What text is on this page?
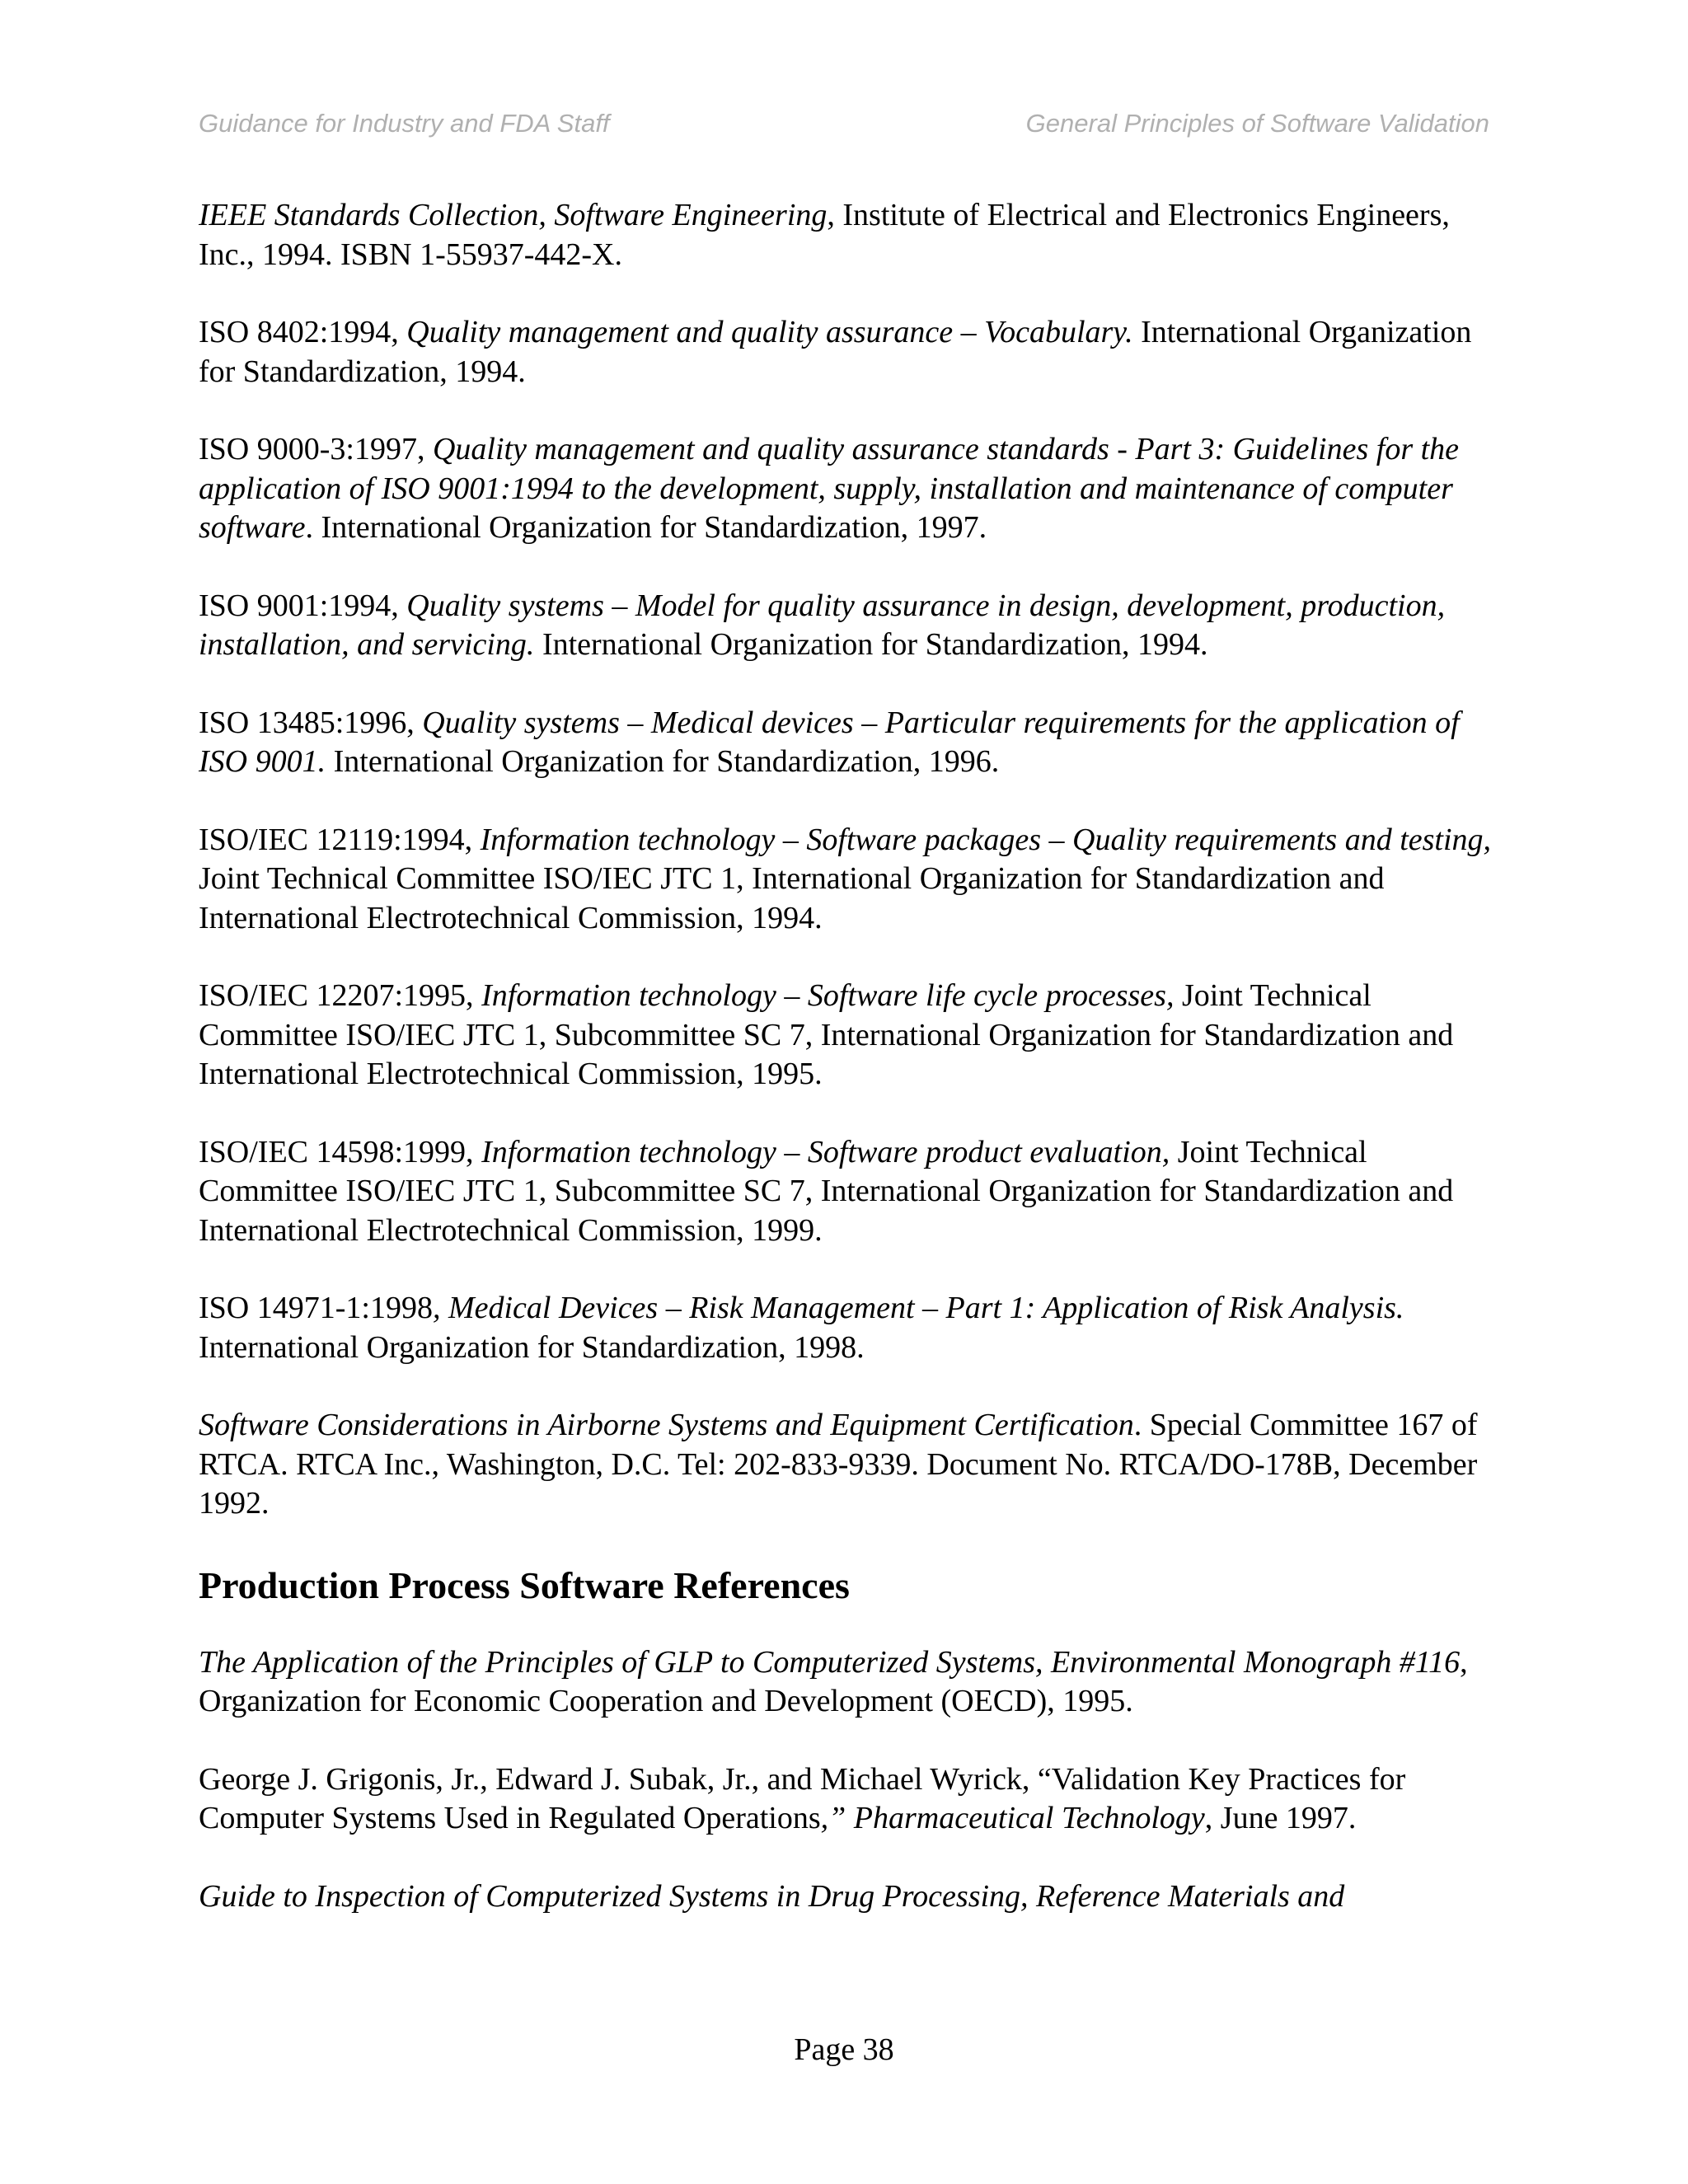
Guidance for Industry and FDA Staff	General Principles of Software Validation

IEEE Standards Collection, Software Engineering, Institute of Electrical and Electronics Engineers, Inc., 1994. ISBN 1-55937-442-X.

ISO 8402:1994, Quality management and quality assurance – Vocabulary. International Organization for Standardization, 1994.

ISO 9000-3:1997, Quality management and quality assurance standards - Part 3: Guidelines for the application of ISO 9001:1994 to the development, supply, installation and maintenance of computer software. International Organization for Standardization, 1997.

ISO 9001:1994, Quality systems – Model for quality assurance in design, development, production, installation, and servicing. International Organization for Standardization, 1994.

ISO 13485:1996, Quality systems – Medical devices – Particular requirements for the application of ISO 9001. International Organization for Standardization, 1996.

ISO/IEC 12119:1994, Information technology – Software packages – Quality requirements and testing, Joint Technical Committee ISO/IEC JTC 1, International Organization for Standardization and International Electrotechnical Commission, 1994.

ISO/IEC 12207:1995, Information technology – Software life cycle processes, Joint Technical Committee ISO/IEC JTC 1, Subcommittee SC 7, International Organization for Standardization and International Electrotechnical Commission, 1995.

ISO/IEC 14598:1999, Information technology – Software product evaluation, Joint Technical Committee ISO/IEC JTC 1, Subcommittee SC 7, International Organization for Standardization and International Electrotechnical Commission, 1999.

ISO 14971-1:1998, Medical Devices – Risk Management – Part 1: Application of Risk Analysis. International Organization for Standardization, 1998.

Software Considerations in Airborne Systems and Equipment Certification. Special Committee 167 of RTCA. RTCA Inc., Washington, D.C. Tel: 202-833-9339. Document No. RTCA/DO-178B, December 1992.

Production Process Software References

The Application of the Principles of GLP to Computerized Systems, Environmental Monograph #116, Organization for Economic Cooperation and Development (OECD), 1995.

George J. Grigonis, Jr., Edward J. Subak, Jr., and Michael Wyrick, “Validation Key Practices for Computer Systems Used in Regulated Operations,” Pharmaceutical Technology, June 1997.

Guide to Inspection of Computerized Systems in Drug Processing, Reference Materials and

Page 38
